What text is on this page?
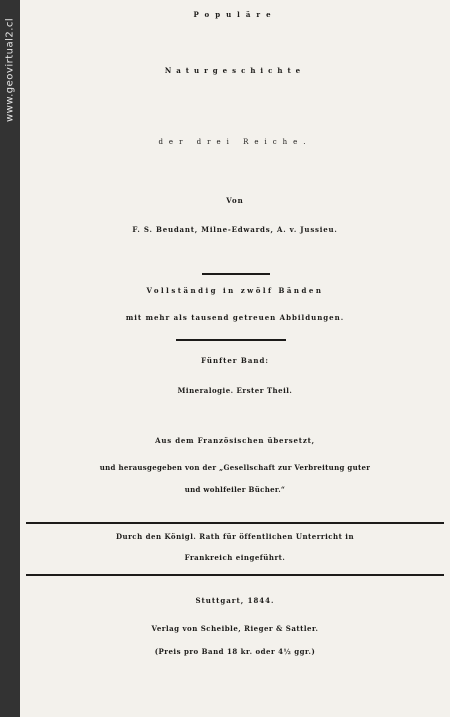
www.geovirtual2.cl
Populäre
Naturgeschichte
der drei Reiche.
Von
F. S. Beudant, Milne-Edwards, A. v. Jussieu.
Vollständig in zwölf Bänden
mit mehr als tausend getreuen Abbildungen.
Fünfter Band:
Mineralogie. Erster Theil.
Aus dem Französischen übersetzt,
und herausgegeben von der „Gesellschaft zur Verbreitung guter
und wohlfeiler Bücher.“
Durch den Königl. Rath für öffentlichen Unterricht in
Frankreich eingeführt.
Stuttgart, 1844.
Verlag von Scheible, Rieger & Sattler.
(Preis pro Band 18 kr. oder 4½ ggr.)
